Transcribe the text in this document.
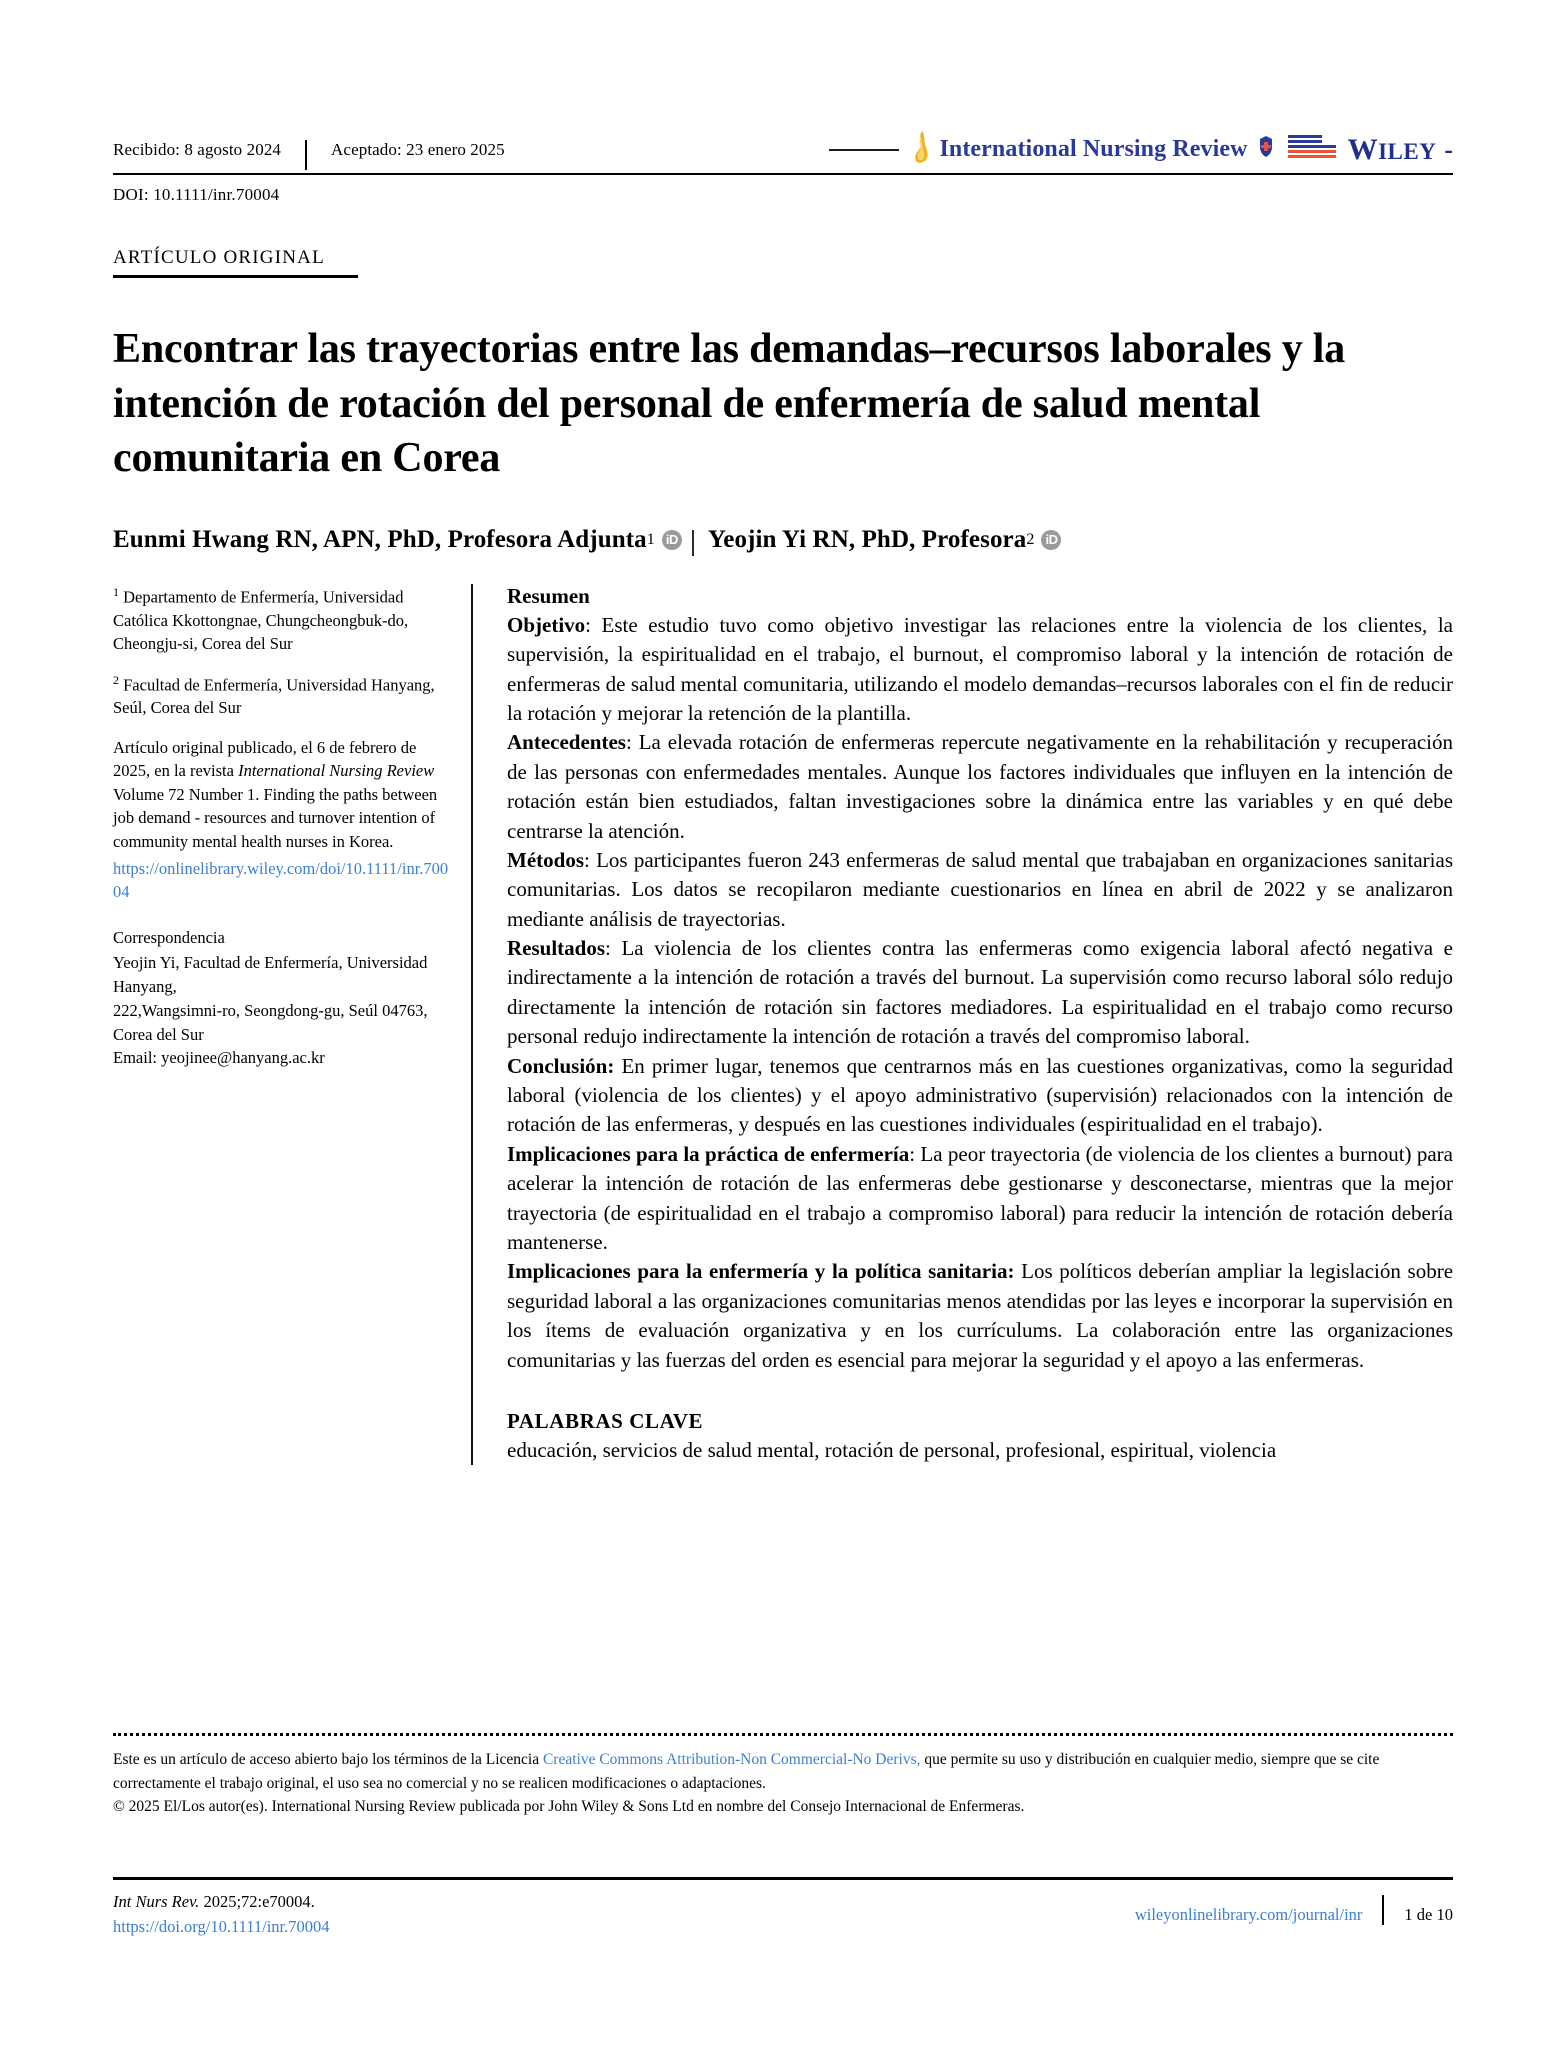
Recibido: 8 agosto 2024	Aceptado: 23 enero 2025	International Nursing Review	WILEY -
DOI: 10.1111/inr.70004
ARTÍCULO ORIGINAL
Encontrar las trayectorias entre las demandas–recursos laborales y la intención de rotación del personal de enfermería de salud mental comunitaria en Corea
Eunmi Hwang RN, APN, PhD, Profesora Adjunta 1 iD Yeojin Yi RN, PhD, Profesora 2 iD
$^1$ Departamento de Enfermería, Universidad Católica Kkottongnae, Chungcheongbuk-do, Cheongju-si, Corea del Sur
$^2$ Facultad de Enfermería, Universidad Hanyang, Seúl, Corea del Sur
Artículo original publicado, el 6 de febrero de 2025, en la revista International Nursing Review Volume 72 Number 1. Finding the paths between job demand - resources and turnover intention of community mental health nurses in Korea.
https://onlinelibrary.wiley.com/doi/10.1111/inr.70004
Correspondencia
Yeojin Yi, Facultad de Enfermería, Universidad Hanyang,
222,Wangsimni-ro, Seongdong-gu, Seúl 04763,
Corea del Sur
Email: yeojinee@hanyang.ac.kr
Resumen

Objetivo: Este estudio tuvo como objetivo investigar las relaciones entre la violencia de los clientes, la supervisión, la espiritualidad en el trabajo, el burnout, el compromiso laboral y la intención de rotación de enfermeras de salud mental comunitaria, utilizando el modelo demandas–recursos laborales con el fin de reducir la rotación y mejorar la retención de la plantilla.

Antecedentes: La elevada rotación de enfermeras repercute negativamente en la rehabilitación y recuperación de las personas con enfermedades mentales. Aunque los factores individuales que influyen en la intención de rotación están bien estudiados, faltan investigaciones sobre la dinámica entre las variables y en qué debe centrarse la atención.

Métodos: Los participantes fueron 243 enfermeras de salud mental que trabajaban en organizaciones sanitarias comunitarias. Los datos se recopilaron mediante cuestionarios en línea en abril de 2022 y se analizaron mediante análisis de trayectorias.

Resultados: La violencia de los clientes contra las enfermeras como exigencia laboral afectó negativa e indirectamente a la intención de rotación a través del burnout. La supervisión como recurso laboral sólo redujo directamente la intención de rotación sin factores mediadores. La espiritualidad en el trabajo como recurso personal redujo indirectamente la intención de rotación a través del compromiso laboral.

Conclusión: En primer lugar, tenemos que centrarnos más en las cuestiones organizativas, como la seguridad laboral (violencia de los clientes) y el apoyo administrativo (supervisión) relacionados con la intención de rotación de las enfermeras, y después en las cuestiones individuales (espiritualidad en el trabajo).

Implicaciones para la práctica de enfermería: La peor trayectoria (de violencia de los clientes a burnout) para acelerar la intención de rotación de las enfermeras debe gestionarse y desconectarse, mientras que la mejor trayectoria (de espiritualidad en el trabajo a compromiso laboral) para reducir la intención de rotación debería mantenerse.

Implicaciones para la enfermería y la política sanitaria: Los políticos deberían ampliar la legislación sobre seguridad laboral a las organizaciones comunitarias menos atendidas por las leyes e incorporar la supervisión en los ítems de evaluación organizativa y en los currículums. La colaboración entre las organizaciones comunitarias y las fuerzas del orden es esencial para mejorar la seguridad y el apoyo a las enfermeras.

PALABRAS CLAVE
educación, servicios de salud mental, rotación de personal, profesional, espiritual, violencia
Este es un artículo de acceso abierto bajo los términos de la Licencia Creative Commons Attribution-Non Commercial-No Derivs, que permite su uso y distribución en cualquier medio, siempre que se cite correctamente el trabajo original, el uso sea no comercial y no se realicen modificaciones o adaptaciones.
© 2025 El/Los autor(es). International Nursing Review publicada por John Wiley & Sons Ltd en nombre del Consejo Internacional de Enfermeras.
Int Nurs Rev. 2025;72:e70004.
https://doi.org/10.1111/inr.70004
wileyonlinelibrary.com/journal/inr	1 de 10
